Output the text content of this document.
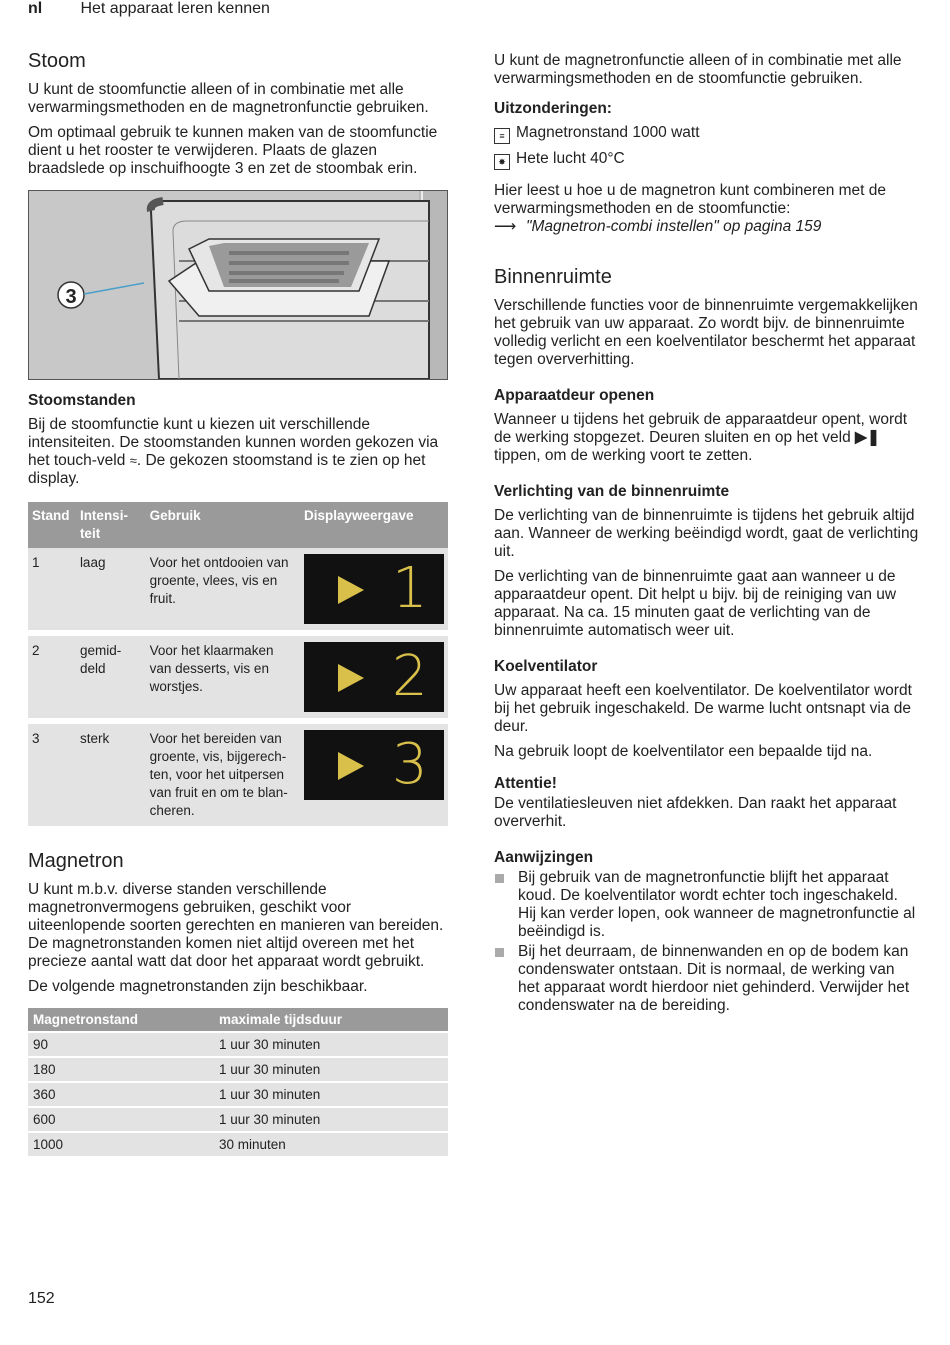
nl Het apparaat leren kennen
Stoom

U kunt de stoomfunctie alleen of in combinatie met alle verwarmingsmethoden en de magnetronfunctie gebruiken.

Om optimaal gebruik te kunnen maken van de stoomfunctie dient u het rooster te verwijderen. Plaats de glazen braadslede op inschuifhoogte 3 en zet de stoombak erin.

3
Stoomstanden

Bij de stoomfunctie kunt u kiezen uit verschillende intensiteiten. De stoomstanden kunnen worden gekozen via het touch-veld ≈. De gekozen stoomstand is te zien op het display.

Stand	Intensi-teit	Gebruik	Displayweergave
1	laag	Voor het ontdooien van groente, vlees, vis en fruit.	1

2	gemid-deld	Voor het klaarmaken van desserts, vis en worstjes.	2

3	sterk	Voor het bereiden van groente, vis, bijgerech-ten, voor het uitpersen van fruit en om te blan-cheren.	3
Magnetron

U kunt m.b.v. diverse standen verschillende magnetronvermogens gebruiken, geschikt voor uiteenlopende soorten gerechten en manieren van bereiden. De magnetronstanden komen niet altijd overeen met het precieze aantal watt dat door het apparaat wordt gebruikt.

De volgende magnetronstanden zijn beschikbaar.

Magnetronstand	maximale tijdsduur
90	1 uur 30 minuten
180	1 uur 30 minuten
360	1 uur 30 minuten
600	1 uur 30 minuten
1000	30 minuten

U kunt de magnetronfunctie alleen of in combinatie met alle verwarmingsmethoden en de stoomfunctie gebruiken.

Uitzonderingen:

≡ Magnetronstand 1000 watt

✸ Hete lucht 40°C

Hier leest u hoe u de magnetron kunt combineren met de verwarmingsmethoden en de stoomfunctie:

⟶ "Magnetron-combi instellen" op pagina 159

Binnenruimte

Verschillende functies voor de binnenruimte vergemakkelijken het gebruik van uw apparaat. Zo wordt bijv. de binnenruimte volledig verlicht en een koelventilator beschermt het apparaat tegen oververhitting.

Apparaatdeur openen

Wanneer u tijdens het gebruik de apparaatdeur opent, wordt de werking stopgezet. Deuren sluiten en op het veld ▶❚ tippen, om de werking voort te zetten.

Verlichting van de binnenruimte

De verlichting van de binnenruimte is tijdens het gebruik altijd aan. Wanneer de werking beëindigd wordt, gaat de verlichting uit.

De verlichting van de binnenruimte gaat aan wanneer u de apparaatdeur opent. Dit helpt u bijv. bij de reiniging van uw apparaat. Na ca. 15 minuten gaat de verlichting van de binnenruimte automatisch weer uit.

Koelventilator

Uw apparaat heeft een koelventilator. De koelventilator wordt bij het gebruik ingeschakeld. De warme lucht ontsnapt via de deur.

Na gebruik loopt de koelventilator een bepaalde tijd na.

Attentie!

De ventilatiesleuven niet afdekken. Dan raakt het apparaat oververhit.

Aanwijzingen
Bij gebruik van de magnetronfunctie blijft het apparaat koud. De koelventilator wordt echter toch ingeschakeld. Hij kan verder lopen, ook wanneer de magnetronfunctie al beëindigd is.
Bij het deurraam, de binnenwanden en op de bodem kan condenswater ontstaan. Dit is normaal, de werking van het apparaat wordt hierdoor niet gehinderd. Verwijder het condenswater na de bereiding.
152
